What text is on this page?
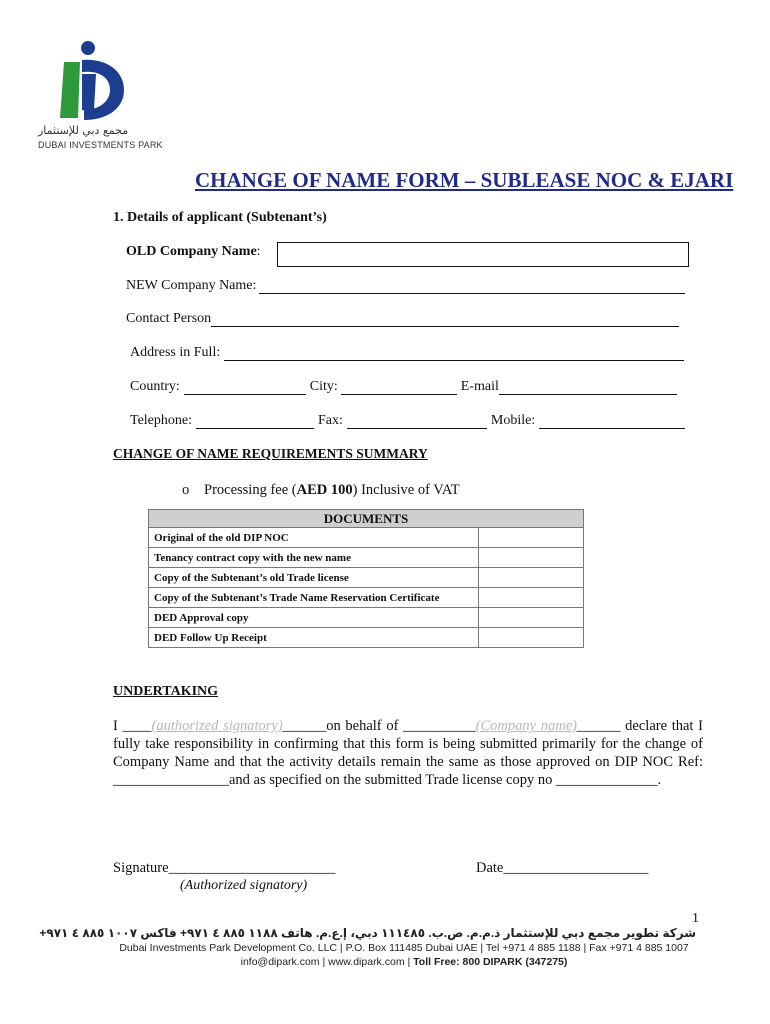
مجمع دبي للإستثمار
DUBAI INVESTMENTS PARK
CHANGE OF NAME FORM – SUBLEASE NOC & EJARI
1. Details of applicant (Subtenant’s)
OLD Company Name :
NEW Company Name:
Contact Person
Address in Full:
Country:	City:	E-mail
Telephone:	Fax:	Mobile:
CHANGE OF NAME REQUIREMENTS SUMMARY
o Processing fee (AED 100) Inclusive of VAT
DOCUMENTS	
Original of the old DIP NOC	
Tenancy contract copy with the new name	
Copy of the Subtenant’s old Trade license	
Copy of the Subtenant’s Trade Name Reservation Certificate	
DED Approval copy	
DED Follow Up Receipt	
UNDERTAKING
I ____(authorized signatory)______on behalf of __________(Company name)______ declare that I fully take responsibility in confirming that this form is being submitted primarily for the change of Company Name and that the activity details remain the same as those approved on DIP NOC Ref: ________________and as specified on the submitted Trade license copy no ______________.
Signature_______________________
(Authorized signatory)
Date____________________
1
شركة تطوير مجمع دبي للإستثمار ذ.م.م. ص.ب. ١١١٤٨٥ دبي، إ.ع.م. هاتف ١١٨٨ ٨٨٥ ٤ ٩٧١+ فاكس ١٠٠٧ ٨٨٥ ٤ ٩٧١+
Dubai Investments Park Development Co. LLC | P.O. Box 111485 Dubai UAE | Tel +971 4 885 1188 | Fax +971 4 885 1007
info@dipark.com | www.dipark.com | Toll Free: 800 DIPARK (347275)
